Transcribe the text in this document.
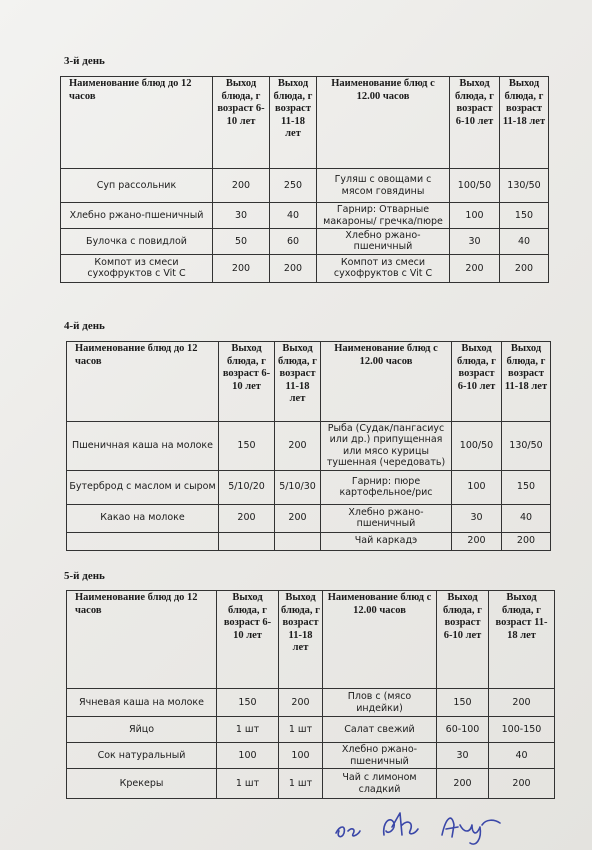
3-й день
Наименование блюд до 12 часов	Выход блюда, г возраст 6-10 лет	Выход блюда, г возраст 11-18 лет	Наименование блюд с 12.00 часов	Выход блюда, г возраст 6-10 лет	Выход блюда, г возраст 11-18 лет
Суп рассольник	200	250	Гуляш с овощами с мясом говядины	100/50	130/50
Хлебно ржано-пшеничный	30	40	Гарнир: Отварные макароны/ гречка/пюре	100	150
Булочка с повидлой	50	60	Хлебно ржано-пшеничный	30	40
Компот из смеси сухофруктов с Vit C	200	200	Компот из смеси сухофруктов с Vit C	200	200
4-й день
Наименование блюд до 12 часов	Выход блюда, г возраст 6-10 лет	Выход блюда, г возраст 11-18 лет	Наименование блюд с 12.00 часов	Выход блюда, г возраст 6-10 лет	Выход блюда, г возраст 11-18 лет
Пшеничная каша на молоке	150	200	Рыба (Судак/пангасиус или др.) припущенная или мясо курицы тушенная (чередовать)	100/50	130/50
Бутерброд с маслом и сыром	5/10/20	5/10/30	Гарнир: пюре картофельное/рис	100	150
Какао на молоке	200	200	Хлебно ржано-пшеничный	30	40
			Чай каркадэ	200	200
5-й день
Наименование блюд до 12 часов	Выход блюда, г возраст 6-10 лет	Выход блюда, г возраст 11-18 лет	Наименование блюд с 12.00 часов	Выход блюда, г возраст 6-10 лет	Выход блюда, г возраст 11-18 лет
Ячневая каша на молоке	150	200	Плов с (мясо индейки)	150	200
Яйцо	1 шт	1 шт	Салат свежий	60-100	100-150
Сок натуральный	100	100	Хлебно ржано-пшеничный	30	40
Крекеры	1 шт	1 шт	Чай с лимоном сладкий	200	200
